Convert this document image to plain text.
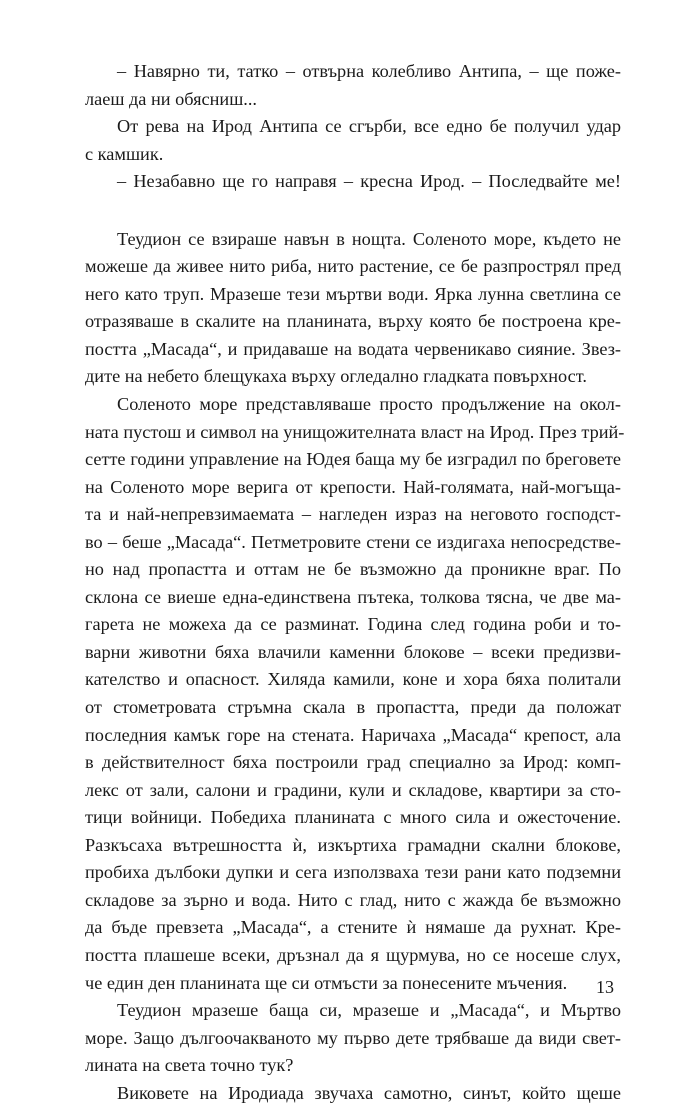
– Навярно ти, татко – отвърна колебливо Антипа, – ще поже-
лаеш да ни обясниш...
От рева на Ирод Антипа се сгърби, все едно бе получил удар
с камшик.
– Незабавно ще го направя – кресна Ирод. – Последвайте ме!
Теудион се взираше навън в нощта. Соленото море, където не
можеше да живее нито риба, нито растение, се бе разпрострял пред
него като труп. Мразеше тези мъртви води. Ярка лунна светлина се
отразяваше в скалите на планината, върху която бе построена кре-
постта „Масада“, и придаваше на водата червеникаво сияние. Звез-
дите на небето блещукаха върху огледално гладката повърхност.
Соленото море представляваше просто продължение на окол-
ната пустош и символ на унищожителната власт на Ирод. През трий-
сетте години управление на Юдея баща му бе изградил по бреговете
на Соленото море верига от крепости. Най-голямата, най-могъща-
та и най-непревзимаемата – нагледен израз на неговото господст-
во – беше „Масада“. Петметровите стени се издигаха непосредстве-
но над пропастта и оттам не бе възможно да проникне враг. По
склона се виеше една-единствена пътека, толкова тясна, че две ма-
гарета не можеха да се разминат. Година след година роби и то-
варни животни бяха влачили каменни блокове – всеки предизви-
кателство и опасност. Хиляда камили, коне и хора бяха политали
от стометровата стръмна скала в пропастта, преди да положат
последния камък горе на стената. Наричаха „Масада“ крепост, ала
в действителност бяха построили град специално за Ирод: комп-
лекс от зали, салони и градини, кули и складове, квартири за сто-
тици войници. Победиха планината с много сила и ожесточение.
Разкъсаха вътрешността ѝ, изкъртиха грамадни скални блокове,
пробиха дълбоки дупки и сега използваха тези рани като подземни
складове за зърно и вода. Нито с глад, нито с жажда бе възможно
да бъде превзета „Масада“, а стените ѝ нямаше да рухнат. Кре-
постта плашеше всеки, дръзнал да я щурмува, но се носеше слух,
че един ден планината ще си отмъсти за понесените мъчения.
Теудион мразеше баща си, мразеше и „Масада“, и Мъртво
море. Защо дългоочакваното му първо дете трябваше да види свет-
лината на света точно тук?
Виковете на Иродиада звучаха самотно, синът, който щеше
13
